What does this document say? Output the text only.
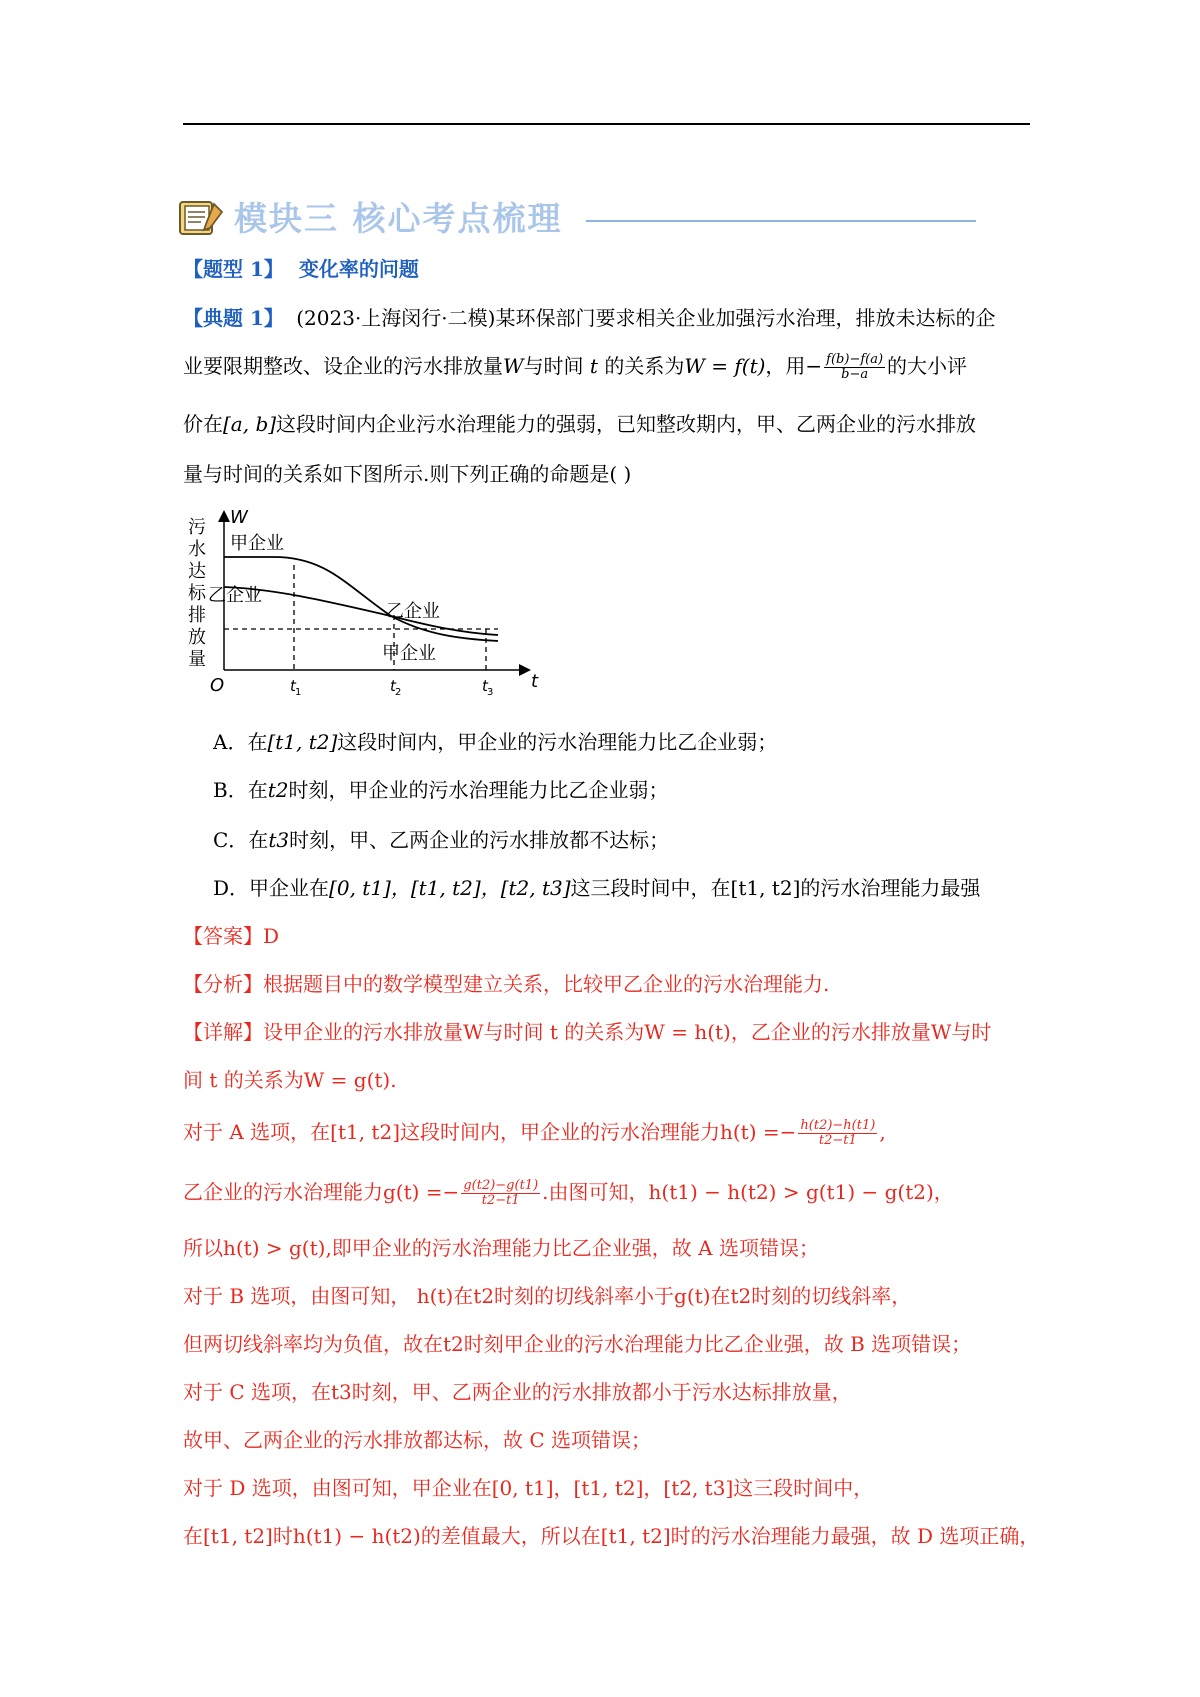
模块三 核心考点梳理
【题型 1】 变化率的问题
【典题 1】 (2023·上海闵行·二模)某环保部门要求相关企业加强污水治理，排放未达标的企
业要限期整改、设企业的污水排放量W与时间 t 的关系为W = f(t)，用− $\frac{f(b)-f(a)}{b-a}$ 的大小评
价在[a, b]这段时间内企业污水治理能力的强弱，已知整改期内，甲、乙两企业的污水排放
量与时间的关系如下图所示.则下列正确的命题是( )
污
水
达
标
排
放
量
W
t
O	t 1	t 2	t 3
甲企业
乙企业
乙企业
甲企业
A．在[t1, t2]这段时间内，甲企业的污水治理能力比乙企业弱；
B．在t2时刻，甲企业的污水治理能力比乙企业弱；
C．在t3时刻，甲、乙两企业的污水排放都不达标；
D．甲企业在[0, t1]，[t1, t2]，[t2, t3]这三段时间中，在[t1, t2]的污水治理能力最强
【答案】D
【分析】根据题目中的数学模型建立关系，比较甲乙企业的污水治理能力.
【详解】设甲企业的污水排放量W与时间 t 的关系为W = h(t)，乙企业的污水排放量W与时
间 t 的关系为W = g(t).
对于 A 选项，在[t1, t2]这段时间内，甲企业的污水治理能力$h(t) =- \frac{h(t2)-h(t1)}{t2-t1}$ ,
乙企业的污水治理能力$g(t) =- \frac{g(t2)-g(t1)}{t2-t1}$ .由图可知，h(t1) − h(t2) > g(t1) − g(t2)，
所以h(t) > g(t),即甲企业的污水治理能力比乙企业强，故 A 选项错误；
对于 B 选项，由图可知， h(t)在t2时刻的切线斜率小于g(t)在t2时刻的切线斜率，
但两切线斜率均为负值，故在t2时刻甲企业的污水治理能力比乙企业强，故 B 选项错误；
对于 C 选项，在t3时刻，甲、乙两企业的污水排放都小于污水达标排放量，
故甲、乙两企业的污水排放都达标，故 C 选项错误；
对于 D 选项，由图可知，甲企业在[0, t1]，[t1, t2]，[t2, t3]这三段时间中，
在[t1, t2]时h(t1) − h(t2)的差值最大，所以在[t1, t2]时的污水治理能力最强，故 D 选项正确，
